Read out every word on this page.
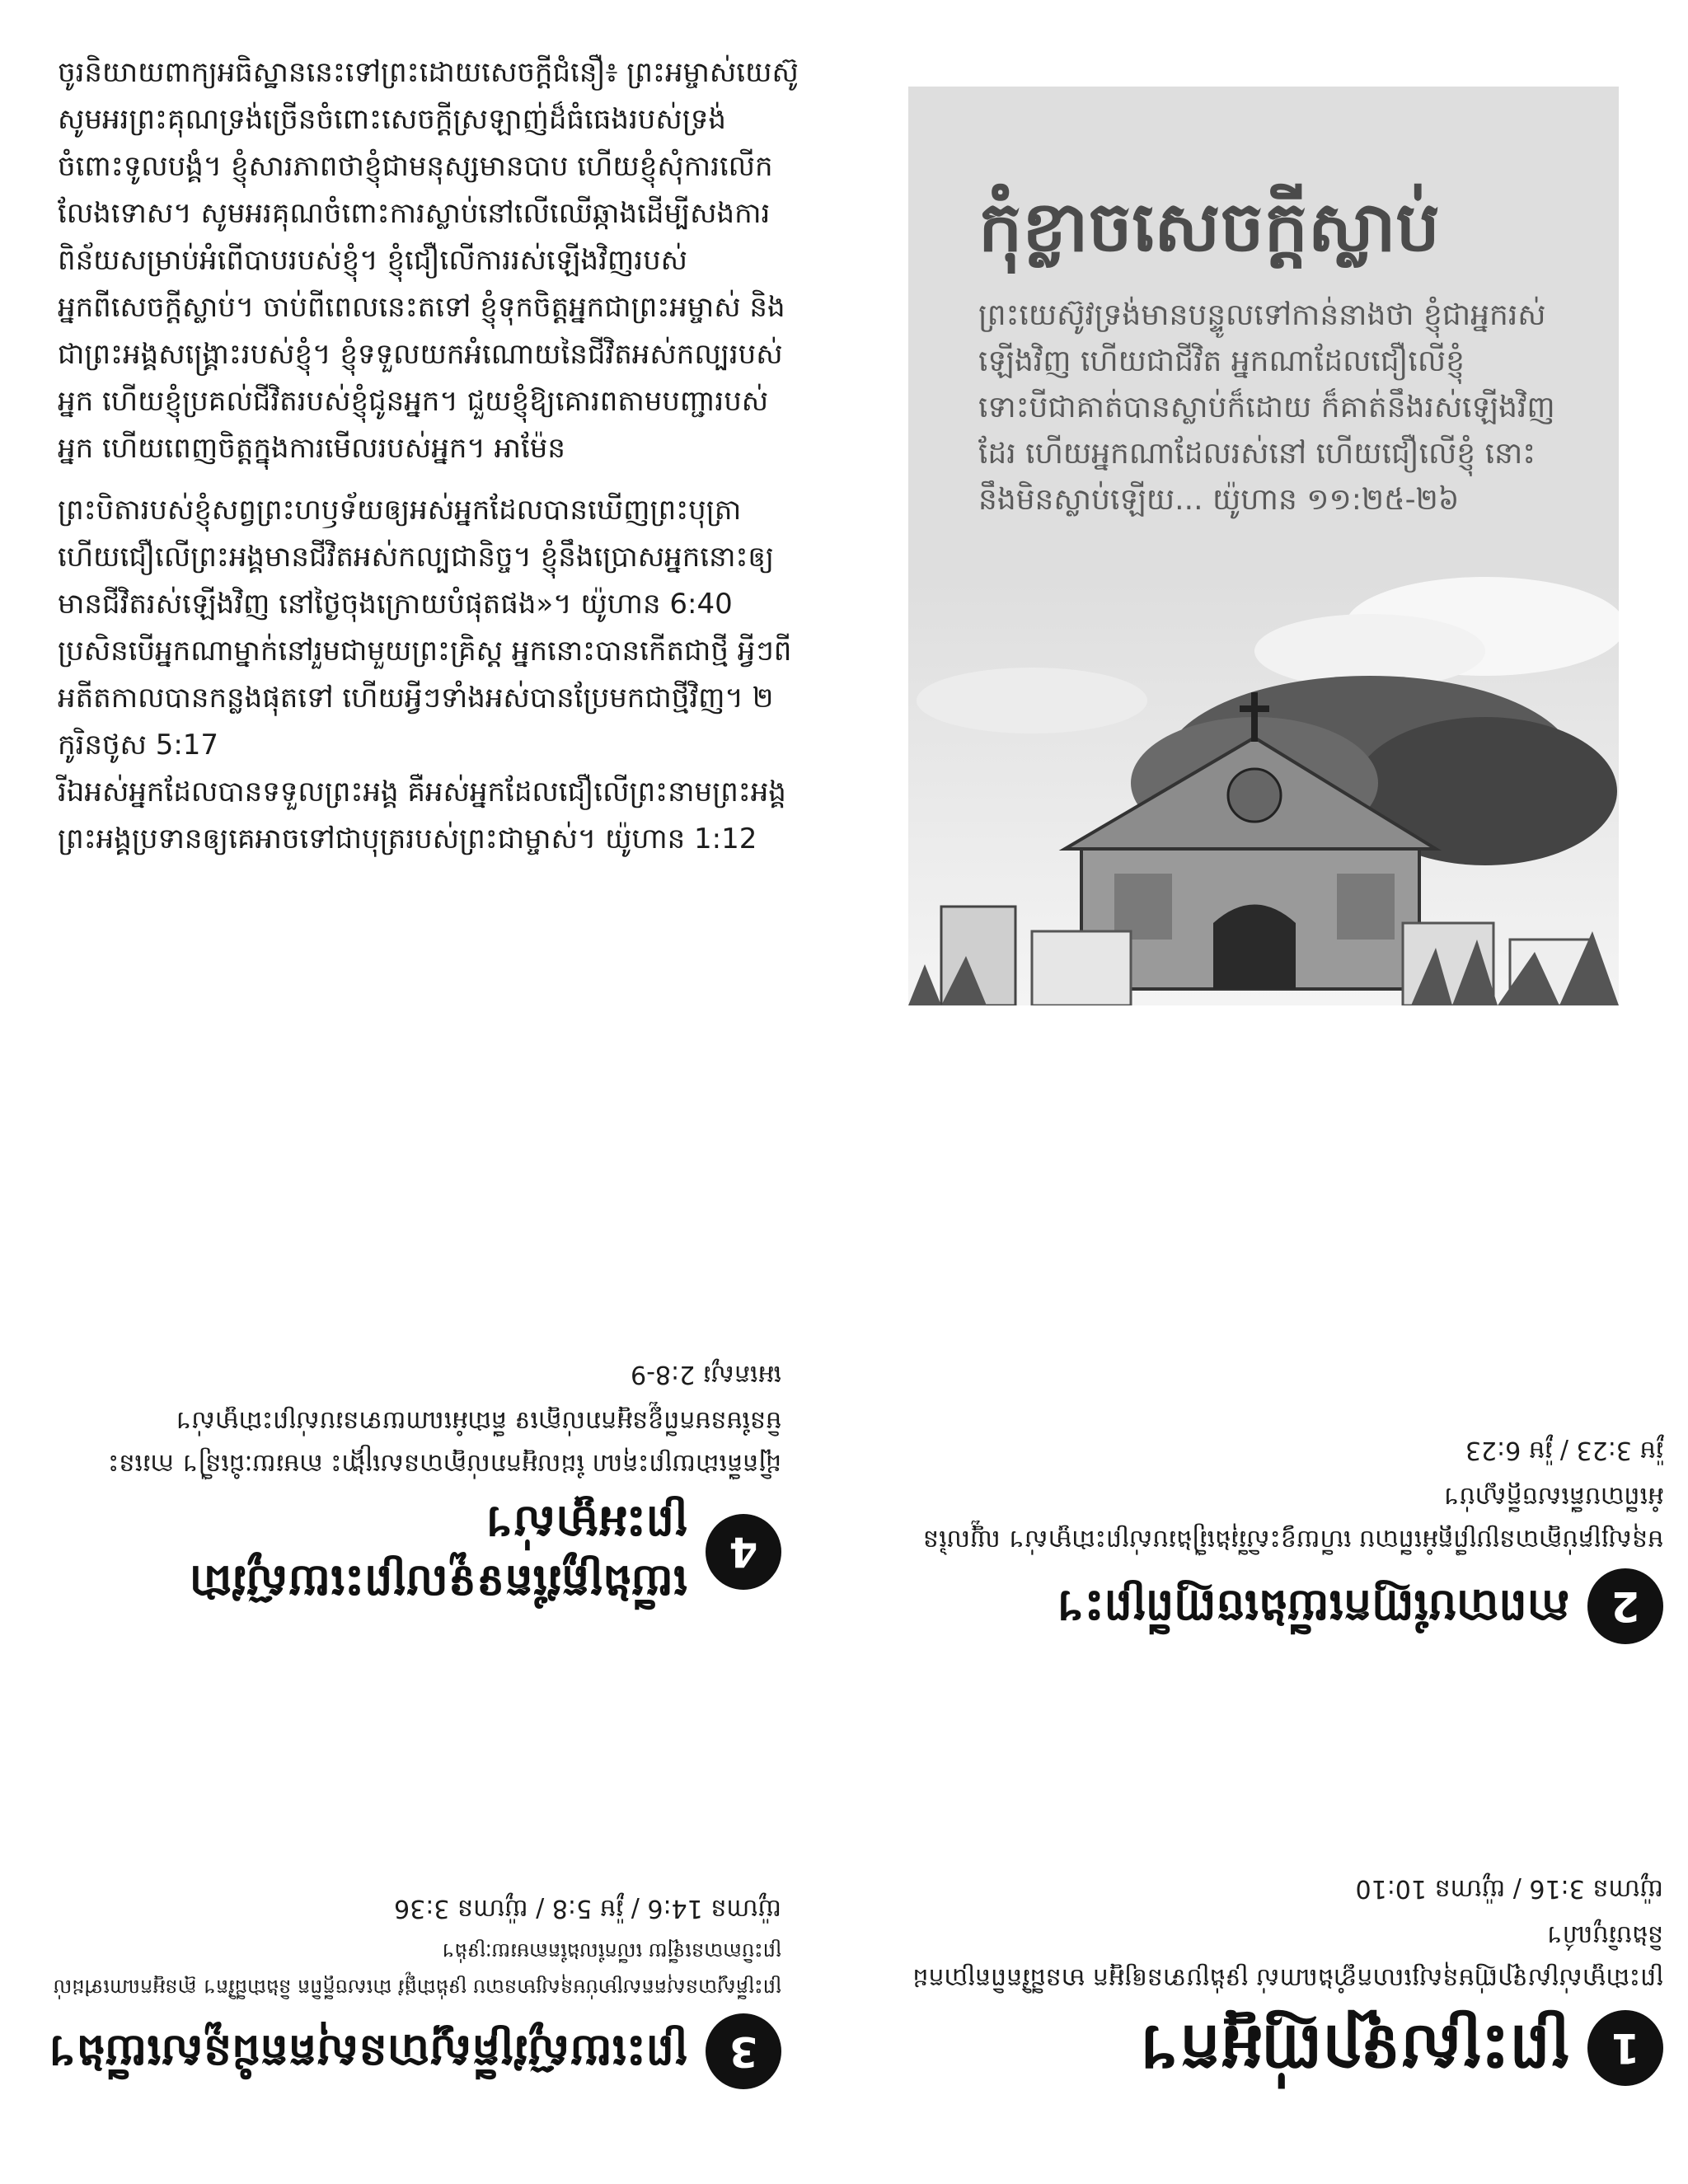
ចូរនិយាយពាក្យអធិស្ឋាននេះទៅព្រះដោយសេចក្ដីជំនឿ៖ ព្រះអម្ចាស់យេស៊ូ សូមអរព្រះគុណទ្រង់ច្រើនចំពោះសេចក្តីស្រឡាញ់ដ៏ធំធេងរបស់ទ្រង់ចំពោះទូលបង្គំ។ ខ្ញុំសារភាពថាខ្ញុំជាមនុស្សមានបាប ហើយខ្ញុំសុំការលើកលែងទោស។ សូមអរគុណចំពោះការស្លាប់នៅលើឈើឆ្កាងដើម្បីសងការពិន័យសម្រាប់អំពើបាបរបស់ខ្ញុំ។ ខ្ញុំជឿលើការរស់ឡើងវិញរបស់អ្នកពីសេចក្តីស្លាប់។ ចាប់ពីពេលនេះតទៅ ខ្ញុំទុកចិត្តអ្នកជាព្រះអម្ចាស់ និងជាព្រះអង្គសង្គ្រោះរបស់ខ្ញុំ។ ខ្ញុំទទួលយកអំណោយនៃជីវិតអស់កល្បរបស់អ្នក ហើយខ្ញុំប្រគល់ជីវិតរបស់ខ្ញុំជូនអ្នក។ ជួយខ្ញុំឱ្យគោរពតាមបញ្ជារបស់អ្នក ហើយពេញចិត្តក្នុងការមើលរបស់អ្នក។ អាម៉ែន

ព្រះបិតារបស់ខ្ញុំសព្វព្រះហឫទ័យឲ្យអស់អ្នកដែលបានឃើញព្រះបុត្រា ហើយជឿលើព្រះអង្គមានជីវិតអស់កល្បជានិច្ច។ ខ្ញុំនឹងប្រោសអ្នកនោះឲ្យមានជីវិតរស់ឡើងវិញ នៅថ្ងៃចុងក្រោយបំផុតផង»។ យ៉ូហាន 6:40
ប្រសិនបើអ្នកណាម្នាក់នៅរួមជាមួយព្រះគ្រិស្ត អ្នកនោះបានកើតជាថ្មី អ្វីៗពីអតីតកាលបានកន្លងផុតទៅ ហើយអ្វីៗទាំងអស់បានប្រែមកជាថ្មីវិញ។ ២ កូរិនថូស 5:17
រីឯអស់អ្នកដែលបានទទួលព្រះអង្គ គឺអស់អ្នកដែលជឿលើព្រះនាមព្រះអង្គ ព្រះអង្គប្រទានឲ្យគេអាចទៅជាបុត្ររបស់ព្រះជាម្ចាស់។ យ៉ូហាន 1:12

កុំខ្លាចសេចក្តីស្លាប់

ព្រះយេស៊ូវទ្រង់មានបន្ទូលទៅកាន់នាងថា ខ្ញុំជាអ្នករស់ឡើងវិញ ហើយជាជីវិត អ្នកណាដែលជឿលើខ្ញុំ ទោះបីជាគាត់បានស្លាប់ក៏ដោយ ក៏គាត់នឹងរស់ឡើងវិញដែរ ហើយអ្នកណាដែលរស់នៅ ហើយជឿលើខ្ញុំ នោះនឹងមិនស្លាប់ឡើយ... យ៉ូហាន ១១:២៥-២៦

1
ព្រះស្រឡាញ់អ្នក។

ព្រះជាម្ចាស់ស្រឡាញ់មនុស្សលោកខ្លាំងណាស់ ទ្រង់ប្រទានឲ្យអ្នក មានជីវិតពិតប្រាកដ និងបរិបូណ៌។

យ៉ូហាន 3:16 / យ៉ូហាន 10:10

2
ភាពបាបញែកយើងចេញពីព្រះ។

មនុស្សគ្រប់គ្នាបានប្រព្រឹត្តអំពើបាប ហើយខ្វះសិរីរុងរឿងរបស់ព្រះជាម្ចាស់។ ឈ្នួលនៃអំពើបាបគឺសេចក្តីស្លាប់។

រ៉ូម 3:23 / រ៉ូម 6:23

3
ព្រះយេស៊ូវគ្រីស្ទបានសុគតជំនួសយើង។

ព្រះគ្រីស្ទបានសុគតសម្រាប់មនុស្សមានបាប ទ្រង់ជាផ្លូវ ជាសេចក្តីពិត និងជាជីវិត។ គ្មានអ្នកណាទៅដល់ព្រះបិតាបានឡើយ លើកលែងតែតាមរយៈទ្រង់។

យ៉ូហាន 14:6 / រ៉ូម 5:8 / យ៉ូហាន 3:36

4
យើងត្រូវតែទទួលព្រះយេស៊ូវជាព្រះអម្ចាស់។

ដ្បិតគឺដោយព្រះគុណ ដែលអ្នករាល់គ្នាបានសង្គ្រោះ តាមរយៈជំនឿ។ ការនេះមិនមែនមកពីខ្លួនអ្នករាល់គ្នាទេ គឺជាអំណោយទានរបស់ព្រះជាម្ចាស់។

អេភេសូរ 2:8-9
